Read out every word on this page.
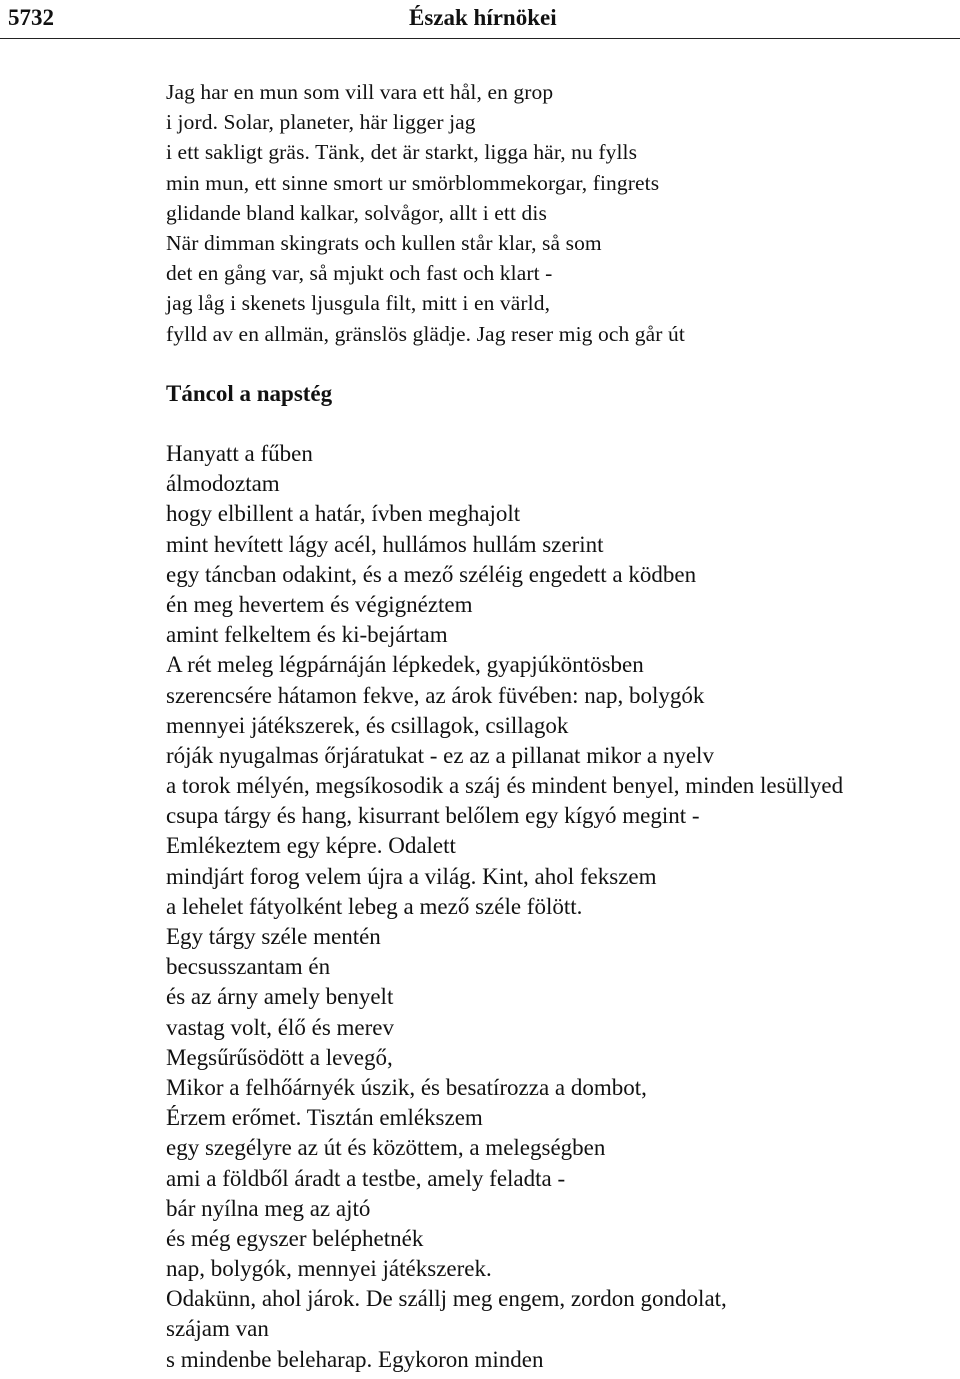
5732	Észak hírnökei
Jag har en mun som vill vara ett hål, en grop
i jord. Solar, planeter, här ligger jag
i ett sakligt gräs. Tänk, det är starkt, ligga här, nu fylls
min mun, ett sinne smort ur smörblommekorgar, fingrets
glidande bland kalkar, solvågor, allt i ett dis
När dimman skingrats och kullen står klar, så som
det en gång var, så mjukt och fast och klart -
jag låg i skenets ljusgula filt, mitt i en värld,
fylld av en allmän, gränslös glädje. Jag reser mig och går út
Táncol a napstég
Hanyatt a fűben
álmodoztam
hogy elbillent a határ, ívben meghajolt
mint hevített lágy acél, hullámos hullám szerint
egy táncban odakint, és a mező széléig engedett a ködben
én meg hevertem és végignéztem
amint felkeltem és ki-bejártam
A rét meleg légpárnáján lépkedek, gyapjúköntösben
szerencsére hátamon fekve, az árok füvében: nap, bolygók
mennyei játékszerek, és csillagok, csillagok
róják nyugalmas őrjáratukat - ez az a pillanat mikor a nyelv
a torok mélyén, megsíkosodik a száj és mindent benyel, minden lesüllyed
csupa tárgy és hang, kisurrant belőlem egy kígyó megint -
Emlékeztem egy képre. Odalett
mindjárt forog velem újra a világ. Kint, ahol fekszem
a lehelet fátyolként lebeg a mező széle fölött.
Egy tárgy széle mentén
becsusszantam én
és az árny amely benyelt
vastag volt, élő és merev
Megsűrűsödött a levegő,
Mikor a felhőárnyék úszik, és besatírozza a dombot,
Érzem erőmet. Tisztán emlékszem
egy szegélyre az út és közöttem, a melegségben
ami a földből áradt a testbe, amely feladta -
bár nyílna meg az ajtó
és még egyszer beléphetnék
nap, bolygók, mennyei játékszerek.
Odakünn, ahol járok. De szállj meg engem, zordon gondolat,
szájam van
s mindenbe beleharap. Egykoron minden
